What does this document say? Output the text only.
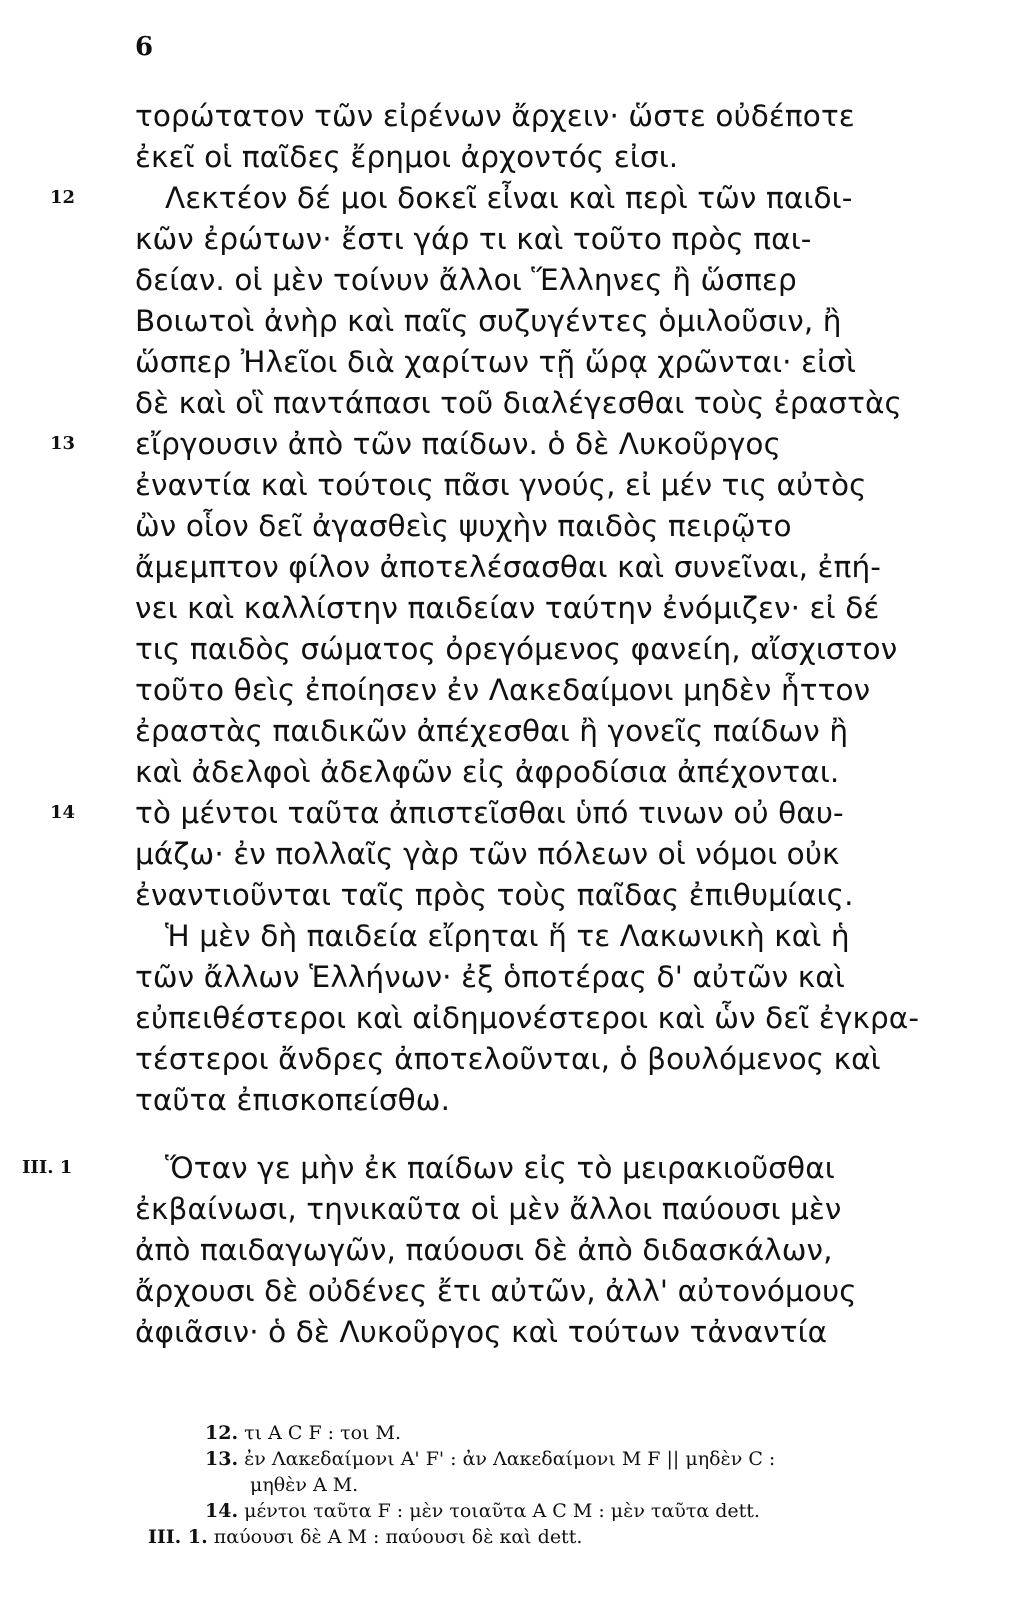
6
τορώτατον τῶν εἰρένων ἄρχειν· ὥστε οὐδέποτε
ἐκεῖ οἱ παῖδες ἔρημοι ἀρχοντός εἰσι.
Λεκτέον δέ μοι δοκεῖ εἶναι καὶ περὶ τῶν παιδι-
κῶν ἐρώτων· ἔστι γάρ τι καὶ τοῦτο πρὸς παι-
δείαν. οἱ μὲν τοίνυν ἄλλοι Ἕλληνες ἢ ὥσπερ
Βοιωτοὶ ἀνὴρ καὶ παῖς συζυγέντες ὁμιλοῦσιν, ἢ
ὥσπερ Ἠλεῖοι διὰ χαρίτων τῇ ὥρᾳ χρῶνται· εἰσὶ
δὲ καὶ οἳ παντάπασι τοῦ διαλέγεσθαι τοὺς ἐραστὰς
εἴργουσιν ἀπὸ τῶν παίδων. ὁ δὲ Λυκοῦργος
ἐναντία καὶ τούτοις πᾶσι γνούς, εἰ μέν τις αὐτὸς
ὢν οἷον δεῖ ἀγασθεὶς ψυχὴν παιδὸς πειρῷτο
ἄμεμπτον φίλον ἀποτελέσασθαι καὶ συνεῖναι, ἐπή-
νει καὶ καλλίστην παιδείαν ταύτην ἐνόμιζεν· εἰ δέ
τις παιδὸς σώματος ὀρεγόμενος φανείη, αἴσχιστον
τοῦτο θεὶς ἐποίησεν ἐν Λακεδαίμονι μηδὲν ἧττον
ἐραστὰς παιδικῶν ἀπέχεσθαι ἢ γονεῖς παίδων ἢ
καὶ ἀδελφοὶ ἀδελφῶν εἰς ἀφροδίσια ἀπέχονται.
τὸ μέντοι ταῦτα ἀπιστεῖσθαι ὑπό τινων οὐ θαυ-
μάζω· ἐν πολλαῖς γὰρ τῶν πόλεων οἱ νόμοι οὐκ
ἐναντιοῦνται ταῖς πρὸς τοὺς παῖδας ἐπιθυμίαις.
Ἡ μὲν δὴ παιδεία εἴρηται ἥ τε Λακωνικὴ καὶ ἡ
τῶν ἄλλων Ἑλλήνων· ἐξ ὁποτέρας δ' αὐτῶν καὶ
εὐπειθέστεροι καὶ αἰδημονέστεροι καὶ ὧν δεῖ ἐγκρα-
τέστεροι ἄνδρες ἀποτελοῦνται, ὁ βουλόμενος καὶ
ταῦτα ἐπισκοπείσθω.
Ὅταν γε μὴν ἐκ παίδων εἰς τὸ μειρακιοῦσθαι
ἐκβαίνωσι, τηνικαῦτα οἱ μὲν ἄλλοι παύουσι μὲν
ἀπὸ παιδαγωγῶν, παύουσι δὲ ἀπὸ διδασκάλων,
ἄρχουσι δὲ οὐδένες ἔτι αὐτῶν, ἀλλ' αὐτονόμους
ἀφιᾶσιν· ὁ δὲ Λυκοῦργος καὶ τούτων τἀναντία
12
13
14
III. 1
12. τι A C F : τοι M.
13. ἐν Λακεδαίμονι A' F' : ἀν Λακεδαίμονι M F || μηδὲν C :
μηθὲν A M.
14. μέντοι ταῦτα F : μὲν τοιαῦτα A C M : μὲν ταῦτα dett.
III. 1. παύουσι δὲ A M : παύουσι δὲ καὶ dett.
